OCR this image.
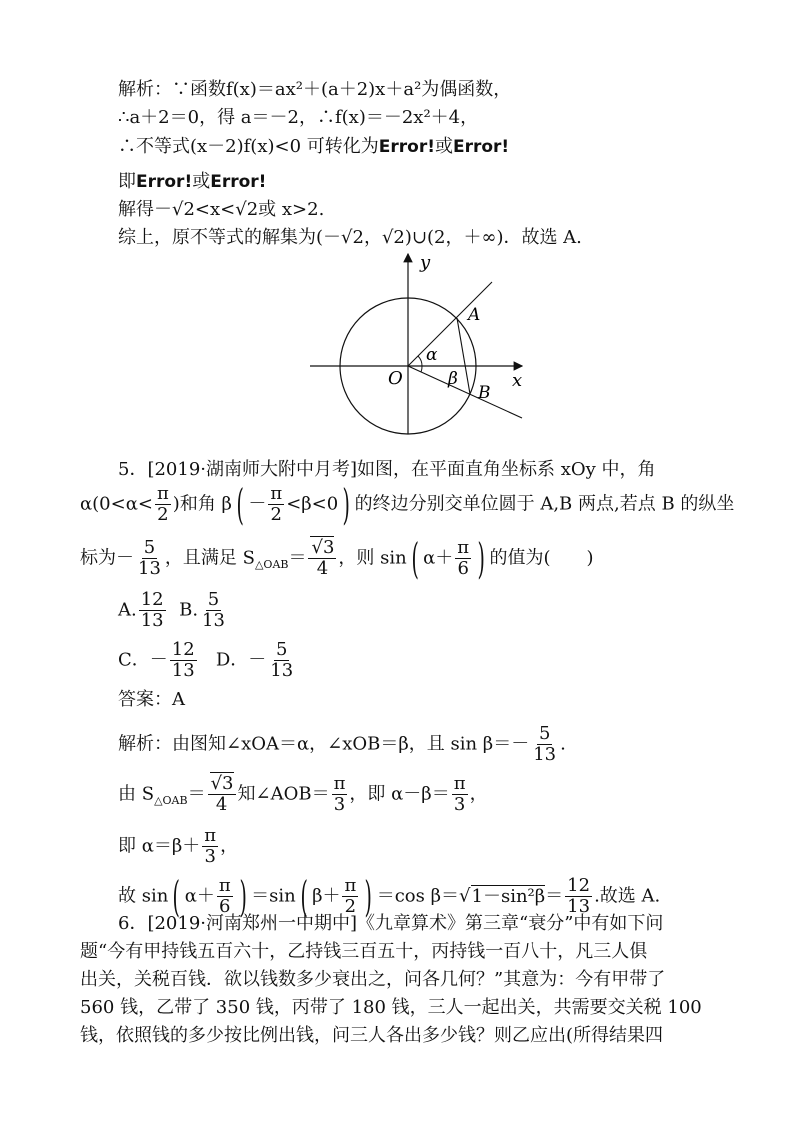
解析：∵函数f(x)＝ax²＋(a＋2)x＋a²为偶函数，
∴a＋2＝0，得 a＝－2，∴f(x)＝－2x²＋4，
∴不等式(x－2)f(x)<0 可转化为Error!或Error!
即Error!或Error!
解得－√2<x<√2或 x>2.
综上，原不等式的解集为(－√2，√2)∪(2，＋∞)．故选 A.
y
x
O
A
B
α
β
5．[2019·湖南师大附中月考]如图，在平面直角坐标系 xOy 中，角
$\alpha(0<\alpha< \frac{\pi}{2}$ )和角 β ( － $\frac{\pi}{2} <\beta<0$ ) 的终边分别交单位圆于 A,B 两点,若点 B 的纵坐
标为－ $\frac{5}{13}$ ，且满足 $S_{\triangle OAB}= \frac{√3}{4}$ ，则 sin ( $\alpha+ \frac{\pi}{6}$ ) 的值为(　　)
A. $\frac{12}{13} B$. $\frac{5}{13}$
C．－ $\frac{12}{13}$ D．－ $\frac{5}{13}$
答案：A
解析：由图知∠xOA＝α，∠xOB＝β，且 $\sin \beta=- \frac{5}{13}$ .
由 $S_{\triangle OAB}= \frac{√3}{4}$ 知∠AOB＝ $\frac{\pi}{3}$ ，即 $\alpha-\beta= \frac{\pi}{3}$ ，
即 $\alpha=\beta+ \frac{\pi}{3}$ ，
故 sin ( $\alpha+ \frac{\pi}{6}$ ) ＝sin ( $\beta+ \frac{\pi}{2}$ ) ＝cos $\beta=√1-\sin^2\beta= \frac{12}{13}$ .故选 A.
6．[2019·河南郑州一中期中]《九章算术》第三章“衰分”中有如下问
题“今有甲持钱五百六十，乙持钱三百五十，丙持钱一百八十，凡三人俱
出关，关税百钱．欲以钱数多少衰出之，问各几何？”其意为：今有甲带了
560 钱，乙带了 350 钱，丙带了 180 钱，三人一起出关，共需要交关税 100
钱，依照钱的多少按比例出钱，问三人各出多少钱？则乙应出(所得结果四
